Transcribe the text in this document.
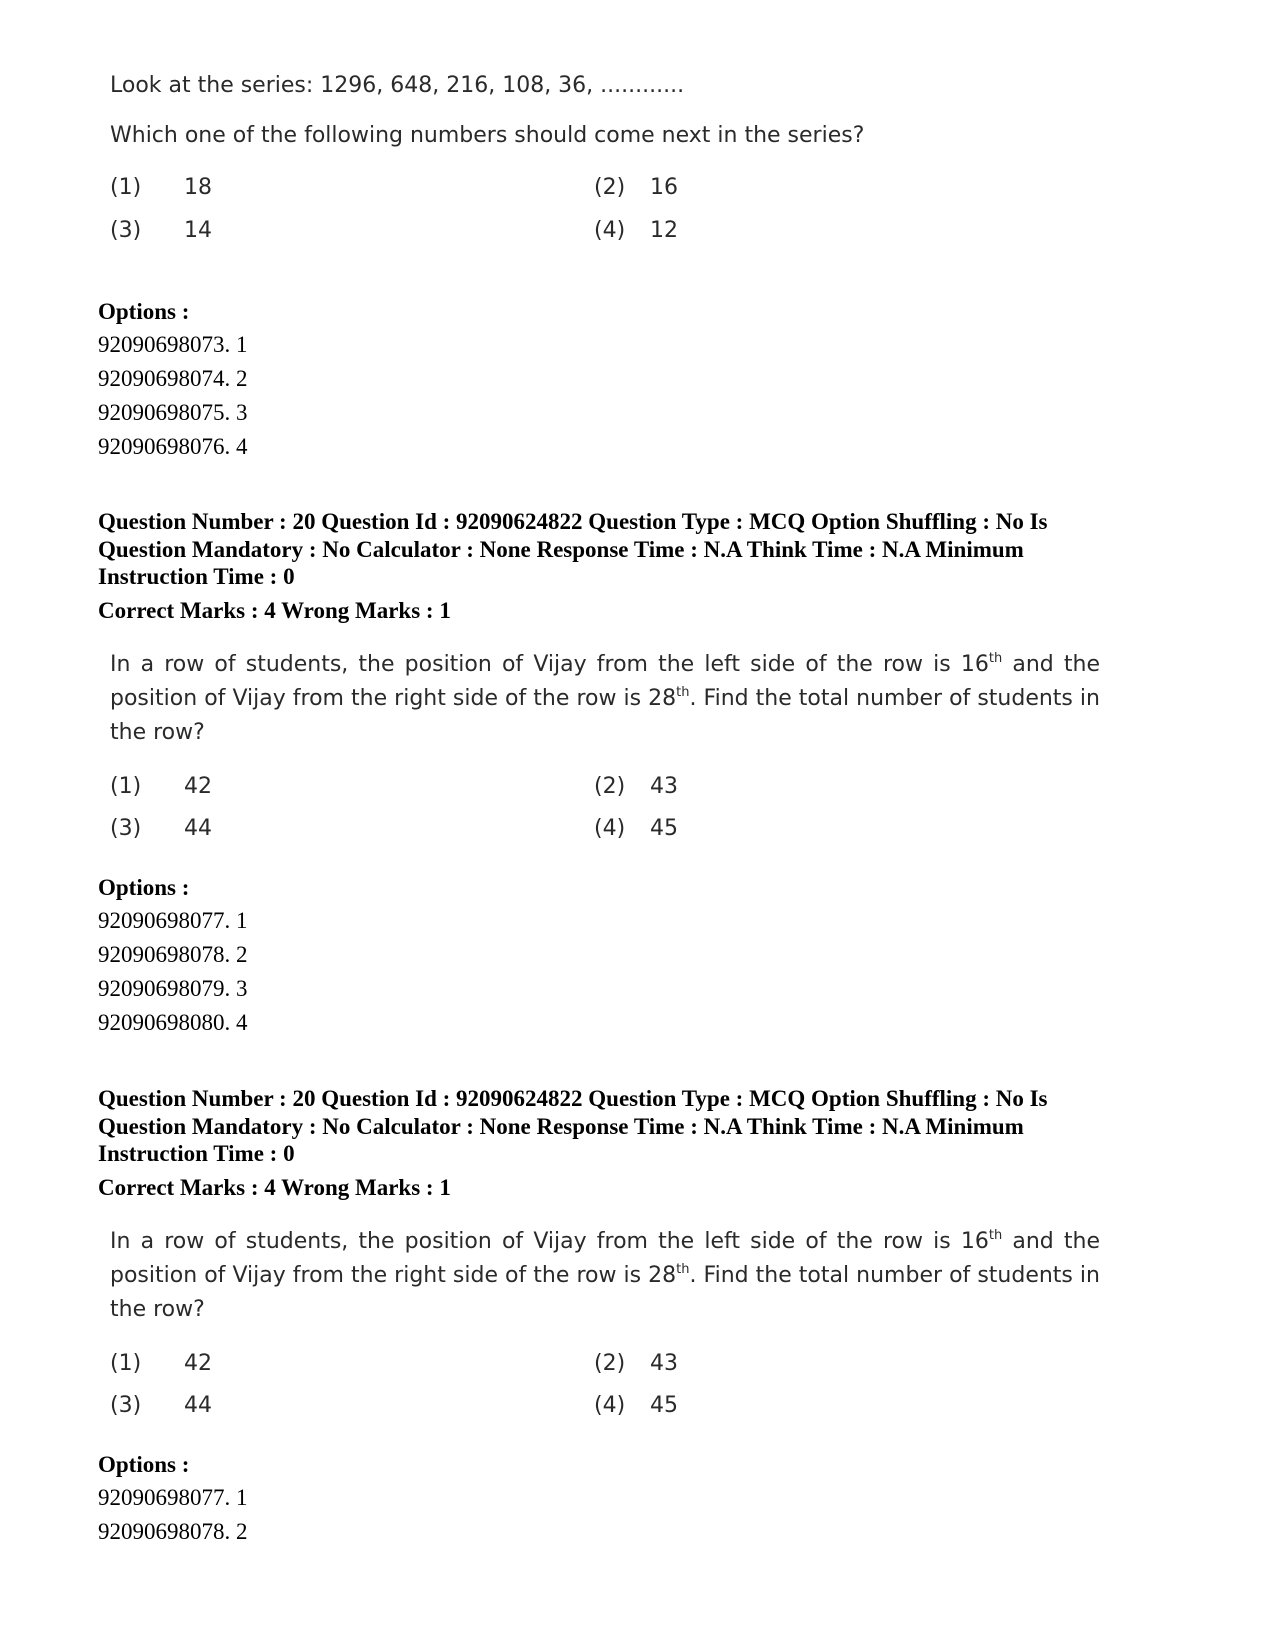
Look at the series: 1296, 648, 216, 108, 36, ............
Which one of the following numbers should come next in the series?
(1) 18	(2) 16
(3) 14	(4) 12
Options :
92090698073. 1
92090698074. 2
92090698075. 3
92090698076. 4
Question Number : 20 Question Id : 92090624822 Question Type : MCQ Option Shuffling : No Is
Question Mandatory : No Calculator : None Response Time : N.A Think Time : N.A Minimum
Instruction Time : 0
Correct Marks : 4 Wrong Marks : 1
In a row of students, the position of Vijay from the left side of the row is 16th and the position of Vijay from the right side of the row is 28th. Find the total number of students in the row?
(1) 42	(2) 43
(3) 44	(4) 45
Options :
92090698077. 1
92090698078. 2
92090698079. 3
92090698080. 4
Question Number : 20 Question Id : 92090624822 Question Type : MCQ Option Shuffling : No Is
Question Mandatory : No Calculator : None Response Time : N.A Think Time : N.A Minimum
Instruction Time : 0
Correct Marks : 4 Wrong Marks : 1
In a row of students, the position of Vijay from the left side of the row is 16th and the position of Vijay from the right side of the row is 28th. Find the total number of students in the row?
(1) 42	(2) 43
(3) 44	(4) 45
Options :
92090698077. 1
92090698078. 2
